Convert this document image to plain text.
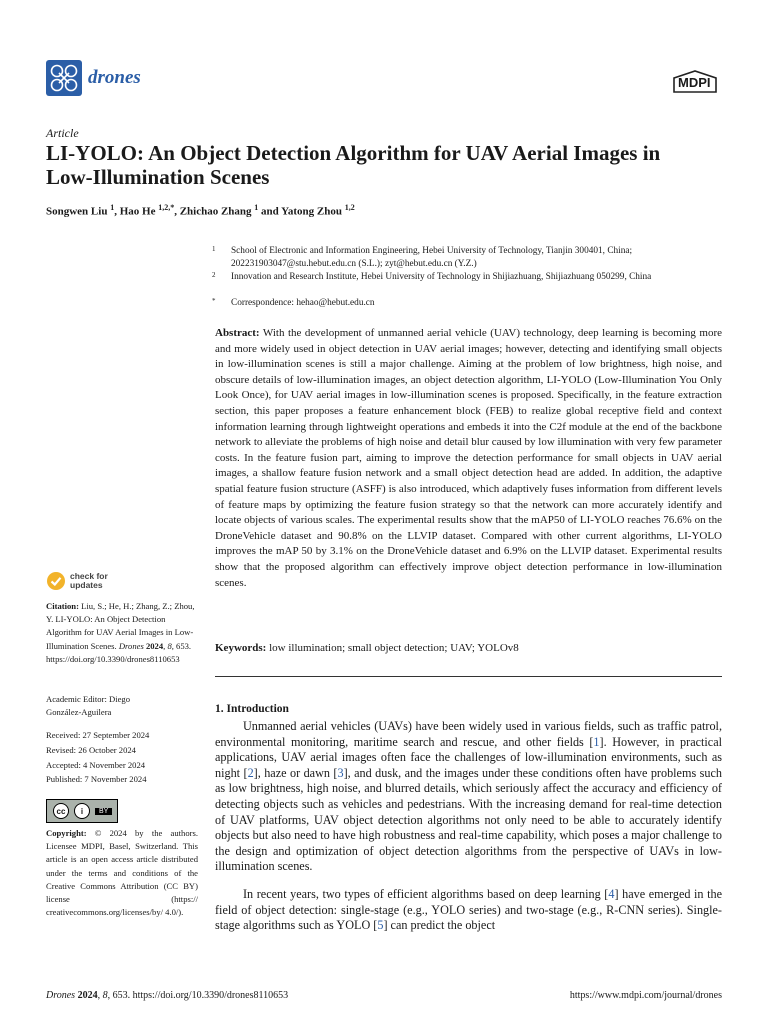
drones	MDPI
Article
LI-YOLO: An Object Detection Algorithm for UAV Aerial Images in Low-Illumination Scenes
Songwen Liu $^1$, Hao He $^{1,2,*}$, Zhichao Zhang $^1$ and Yatong Zhou $^{1,2}$
1 School of Electronic and Information Engineering, Hebei University of Technology, Tianjin 300401, China; 202231903047@stu.hebut.edu.cn (S.L.); zyt@hebut.edu.cn (Y.Z.)
2 Innovation and Research Institute, Hebei University of Technology in Shijiazhuang, Shijiazhuang 050299, China
* Correspondence: hehao@hebut.edu.cn
Abstract: With the development of unmanned aerial vehicle (UAV) technology, deep learning is becoming more and more widely used in object detection in UAV aerial images; however, detecting and identifying small objects in low-illumination scenes is still a major challenge. Aiming at the problem of low brightness, high noise, and obscure details of low-illumination images, an object detection algorithm, LI-YOLO (Low-Illumination You Only Look Once), for UAV aerial images in low-illumination scenes is proposed. Specifically, in the feature extraction section, this paper proposes a feature enhancement block (FEB) to realize global receptive field and context information learning through lightweight operations and embeds it into the C2f module at the end of the backbone network to alleviate the problems of high noise and detail blur caused by low illumination with very few parameter costs. In the feature fusion part, aiming to improve the detection performance for small objects in UAV aerial images, a shallow feature fusion network and a small object detection head are added. In addition, the adaptive spatial feature fusion structure (ASFF) is also introduced, which adaptively fuses information from different levels of feature maps by optimizing the feature fusion strategy so that the network can more accurately identify and locate objects of various scales. The experimental results show that the mAP50 of LI-YOLO reaches 76.6% on the DroneVehicle dataset and 90.8% on the LLVIP dataset. Compared with other current algorithms, LI-YOLO improves the mAP 50 by 3.1% on the DroneVehicle dataset and 6.9% on the LLVIP dataset. Experimental results show that the proposed algorithm can effectively improve object detection performance in low-illumination scenes.
Keywords: low illumination; small object detection; UAV; YOLOv8
check for
updates
Citation: Liu, S.; He, H.; Zhang, Z.; Zhou, Y. LI-YOLO: An Object Detection Algorithm for UAV Aerial Images in Low-Illumination Scenes. Drones 2024, 8, 653. https://doi.org/10.3390/drones8110653
Academic Editor: Diego González-Aguilera
Received: 27 September 2024
Revised: 26 October 2024
Accepted: 4 November 2024
Published: 7 November 2024
cc	i	BY
Copyright: © 2024 by the authors. Licensee MDPI, Basel, Switzerland. This article is an open access article distributed under the terms and conditions of the Creative Commons Attribution (CC BY) license (https:// creativecommons.org/licenses/by/ 4.0/).
1. Introduction
Unmanned aerial vehicles (UAVs) have been widely used in various fields, such as traffic patrol, environmental monitoring, maritime search and rescue, and other fields [1]. However, in practical applications, UAV aerial images often face the challenges of low-illumination environments, such as night [2], haze or dawn [3], and dusk, and the images under these conditions often have problems such as low brightness, high noise, and blurred details, which seriously affect the accuracy and efficiency of detecting objects such as vehicles and pedestrians. With the increasing demand for real-time detection of UAV platforms, UAV object detection algorithms not only need to be able to accurately identify objects but also need to have high robustness and real-time capability, which poses a major challenge to the design and optimization of object detection algorithms from the perspective of UAVs in low-illumination scenes.
In recent years, two types of efficient algorithms based on deep learning [4] have emerged in the field of object detection: single-stage (e.g., YOLO series) and two-stage (e.g., R-CNN series). Single-stage algorithms such as YOLO [5] can predict the object
Drones 2024, 8, 653. https://doi.org/10.3390/drones8110653	https://www.mdpi.com/journal/drones
